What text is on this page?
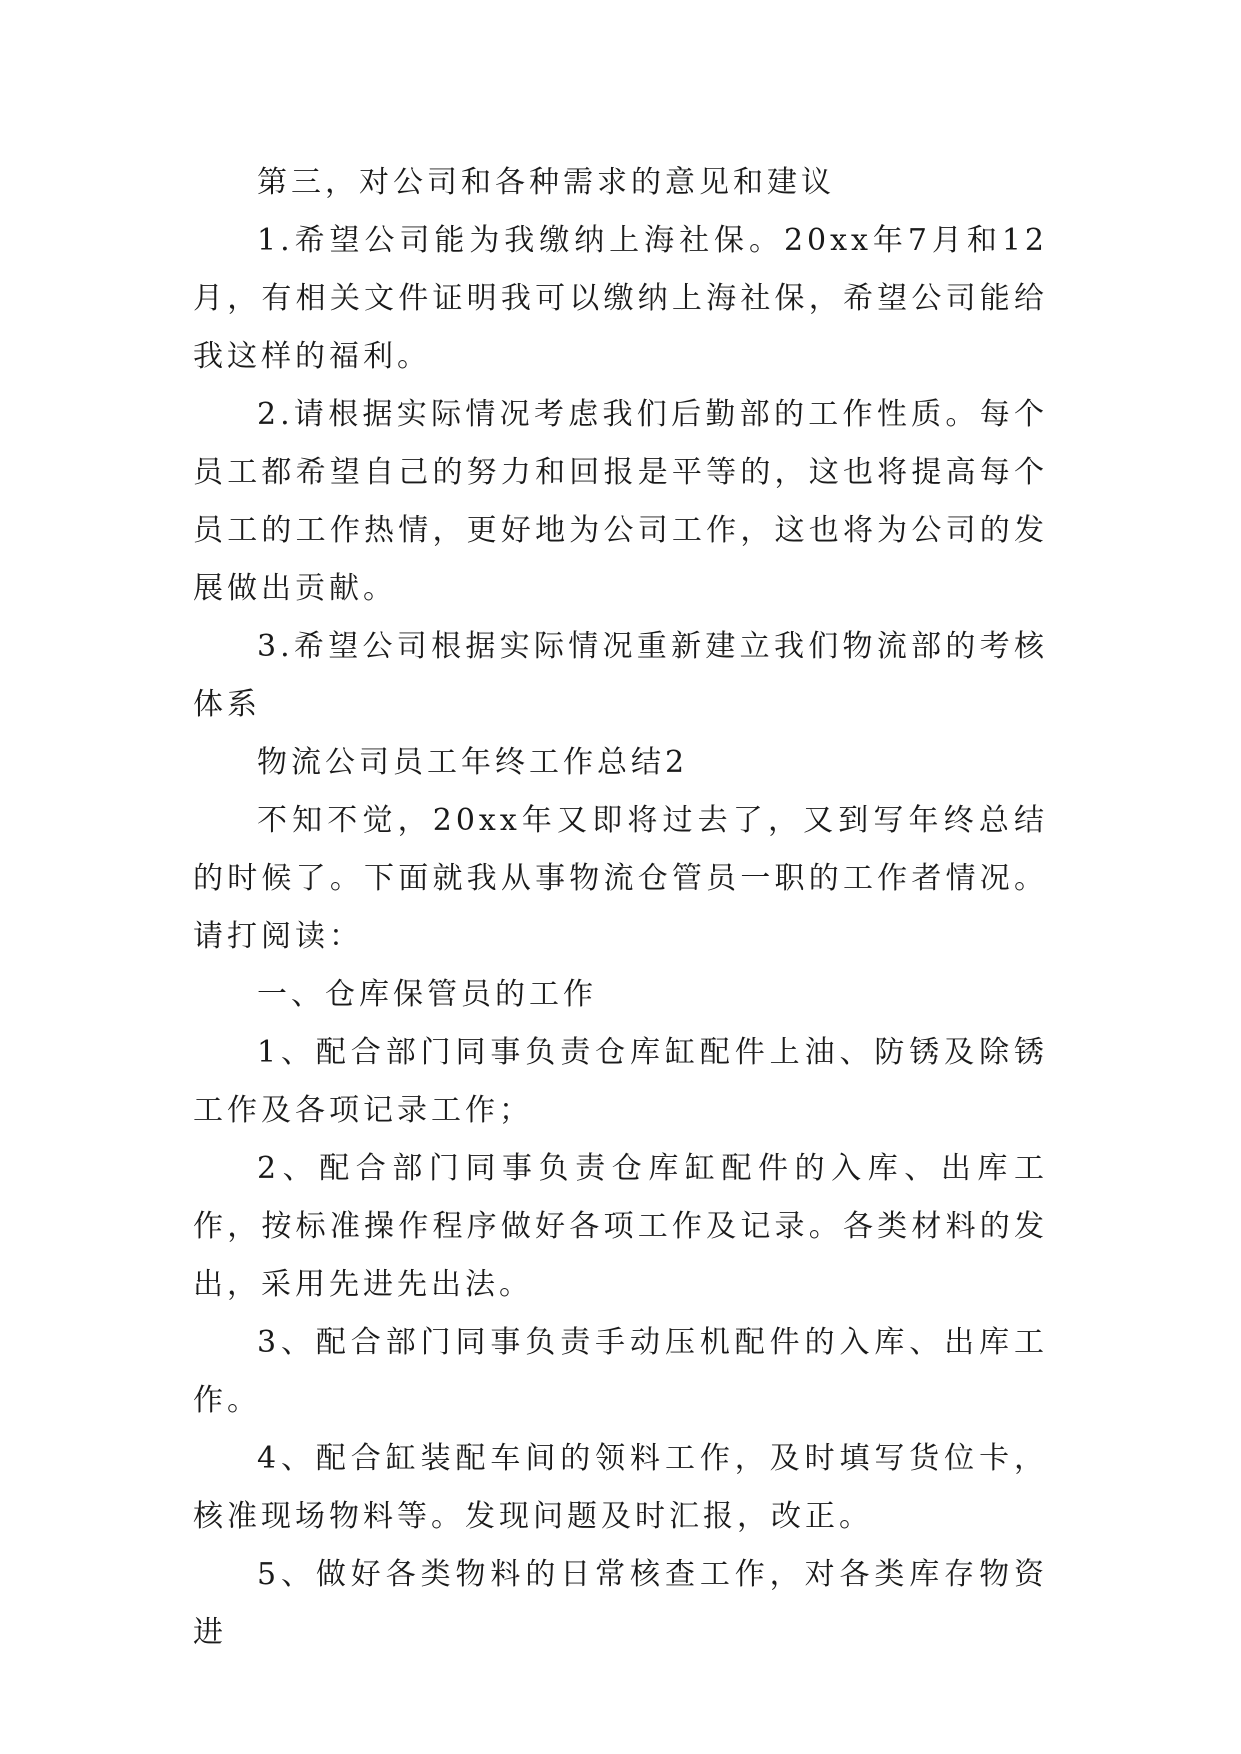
第三，对公司和各种需求的意见和建议

1.希望公司能为我缴纳上海社保。20xx年7月和12月，有相关文件证明我可以缴纳上海社保，希望公司能给我这样的福利。

2.请根据实际情况考虑我们后勤部的工作性质。每个员工都希望自己的努力和回报是平等的，这也将提高每个员工的工作热情，更好地为公司工作，这也将为公司的发展做出贡献。

3.希望公司根据实际情况重新建立我们物流部的考核体系

物流公司员工年终工作总结2

不知不觉，20xx年又即将过去了，又到写年终总结的时候了。下面就我从事物流仓管员一职的工作者情况。请打阅读：

一、仓库保管员的工作

1、配合部门同事负责仓库缸配件上油、防锈及除锈工作及各项记录工作；

2、配合部门同事负责仓库缸配件的入库、出库工作，按标准操作程序做好各项工作及记录。各类材料的发出，采用先进先出法。

3、配合部门同事负责手动压机配件的入库、出库工作。

4、配合缸装配车间的领料工作，及时填写货位卡，核准现场物料等。发现问题及时汇报，改正。

5、做好各类物料的日常核查工作，对各类库存物资进
